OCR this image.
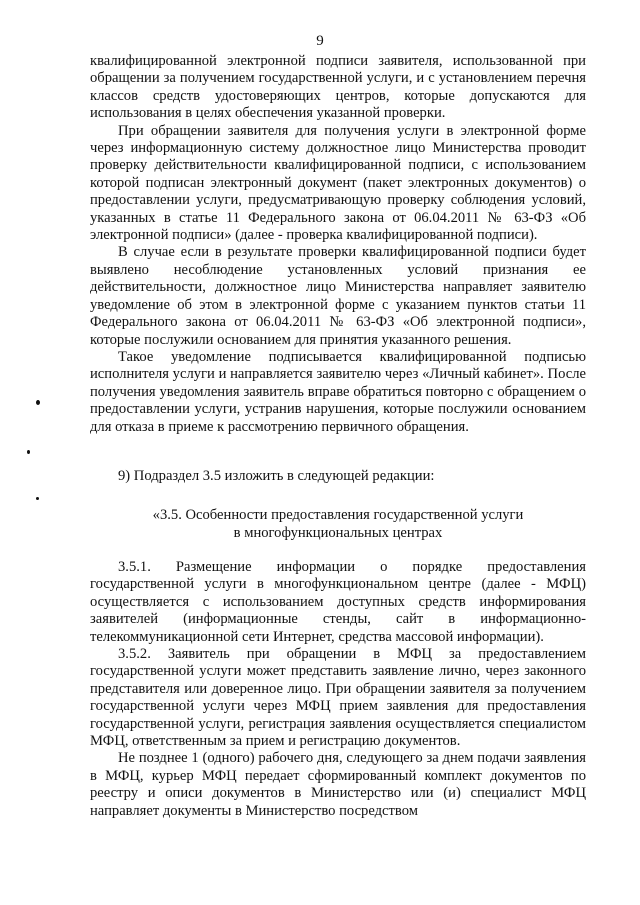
9

квалифицированной электронной подписи заявителя, использованной при обращении за получением государственной услуги, и с установлением перечня классов средств удостоверяющих центров, которые допускаются для использования в целях обеспечения указанной проверки.

При обращении заявителя для получения услуги в электронной форме через информационную систему должностное лицо Министерства проводит проверку действительности квалифицированной подписи, с использованием которой подписан электронный документ (пакет электронных документов) о предоставлении услуги, предусматривающую проверку соблюдения условий, указанных в статье 11 Федерального закона от 06.04.2011 № 63-ФЗ «Об электронной подписи» (далее - проверка квалифицированной подписи).

В случае если в результате проверки квалифицированной подписи будет выявлено несоблюдение установленных условий признания ее действительности, должностное лицо Министерства направляет заявителю уведомление об этом в электронной форме с указанием пунктов статьи 11 Федерального закона от 06.04.2011 № 63-ФЗ «Об электронной подписи», которые послужили основанием для принятия указанного решения.

Такое уведомление подписывается квалифицированной подписью исполнителя услуги и направляется заявителю через «Личный кабинет». После получения уведомления заявитель вправе обратиться повторно с обращением о предоставлении услуги, устранив нарушения, которые послужили основанием для отказа в приеме к рассмотрению первичного обращения.

9) Подраздел 3.5 изложить в следующей редакции:
«3.5. Особенности предоставления государственной услуги
в многофункциональных центрах

3.5.1. Размещение информации о порядке предоставления государственной услуги в многофункциональном центре (далее - МФЦ) осуществляется с использованием доступных средств информирования заявителей (информационные стенды, сайт в информационно-телекоммуникационной сети Интернет, средства массовой информации).

3.5.2. Заявитель при обращении в МФЦ за предоставлением государственной услуги может представить заявление лично, через законного представителя или доверенное лицо. При обращении заявителя за получением государственной услуги через МФЦ прием заявления для предоставления государственной услуги, регистрация заявления осуществляется специалистом МФЦ, ответственным за прием и регистрацию документов.

Не позднее 1 (одного) рабочего дня, следующего за днем подачи заявления в МФЦ, курьер МФЦ передает сформированный комплект документов по реестру и описи документов в Министерство или (и) специалист МФЦ направляет документы в Министерство посредством
